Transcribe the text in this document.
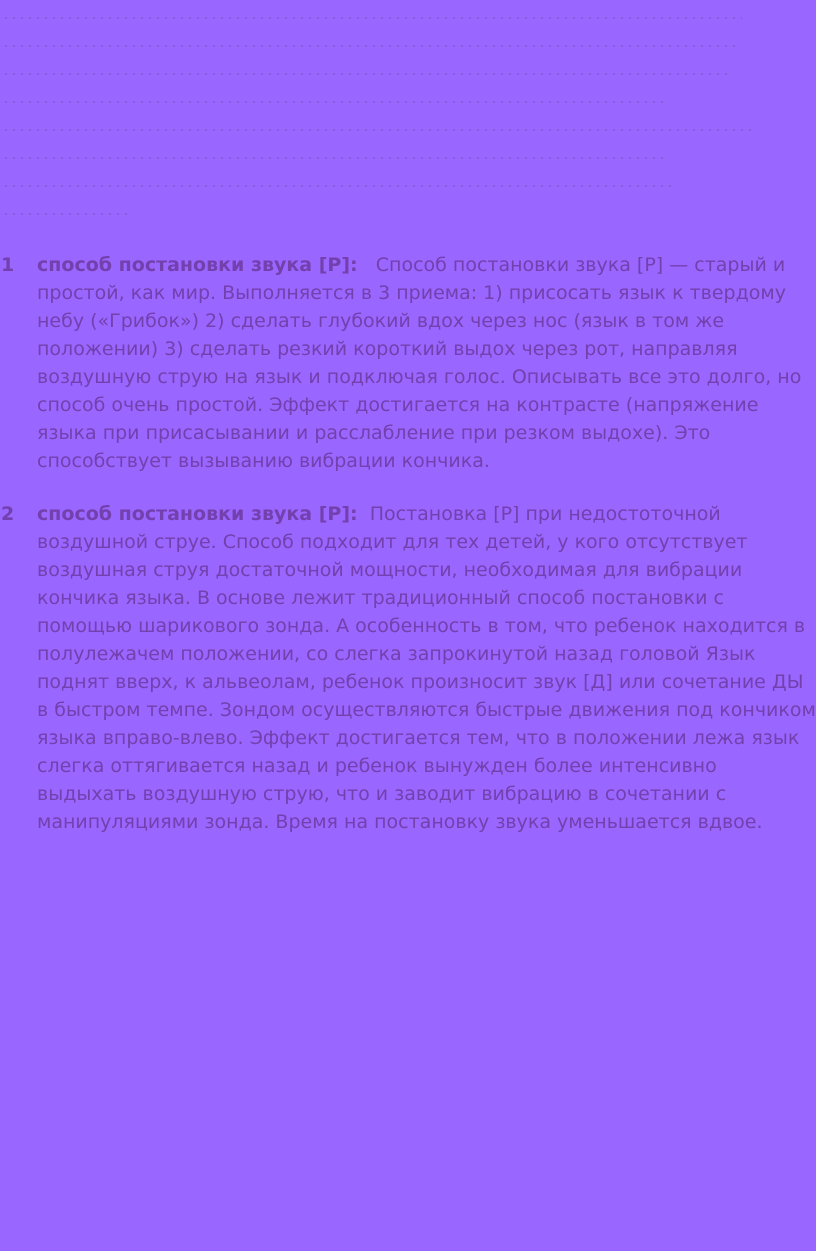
1 способ постановки звука [Р]: Способ постановки звука [Р] — старый и простой, как мир. Выполняется в 3 приема: 1) присосать язык к твердому небу («Грибок») 2) сделать глубокий вдох через нос (язык в том же положении) 3) сделать резкий короткий выдох через рот, направляя воздушную струю на язык и подключая голос. Описывать все это долго, но способ очень простой. Эффект достигается на контрасте (напряжение языка при присасывании и расслабление при резком выдохе). Это способствует вызыванию вибрации кончика.

2 способ постановки звука [Р]: Постановка [Р] при недостоточной воздушной струе. Способ подходит для тех детей, у кого отсутствует воздушная струя достаточной мощности, необходимая для вибрации кончика языка. В основе лежит традиционный способ постановки с помощью шарикового зонда. А особенность в том, что ребенок находится в полулежачем положении, со слегка запрокинутой назад головой Язык поднят вверх, к альвеолам, ребенок произносит звук [Д] или сочетание ДЫ в быстром темпе. Зондом осуществляются быстрые движения под кончиком языка вправо-влево. Эффект достигается тем, что в положении лежа язык слегка оттягивается назад и ребенок вынужден более интенсивно выдыхать воздушную струю, что и заводит вибрацию в сочетании с манипуляциями зонда. Время на постановку звука уменьшается вдвое.
